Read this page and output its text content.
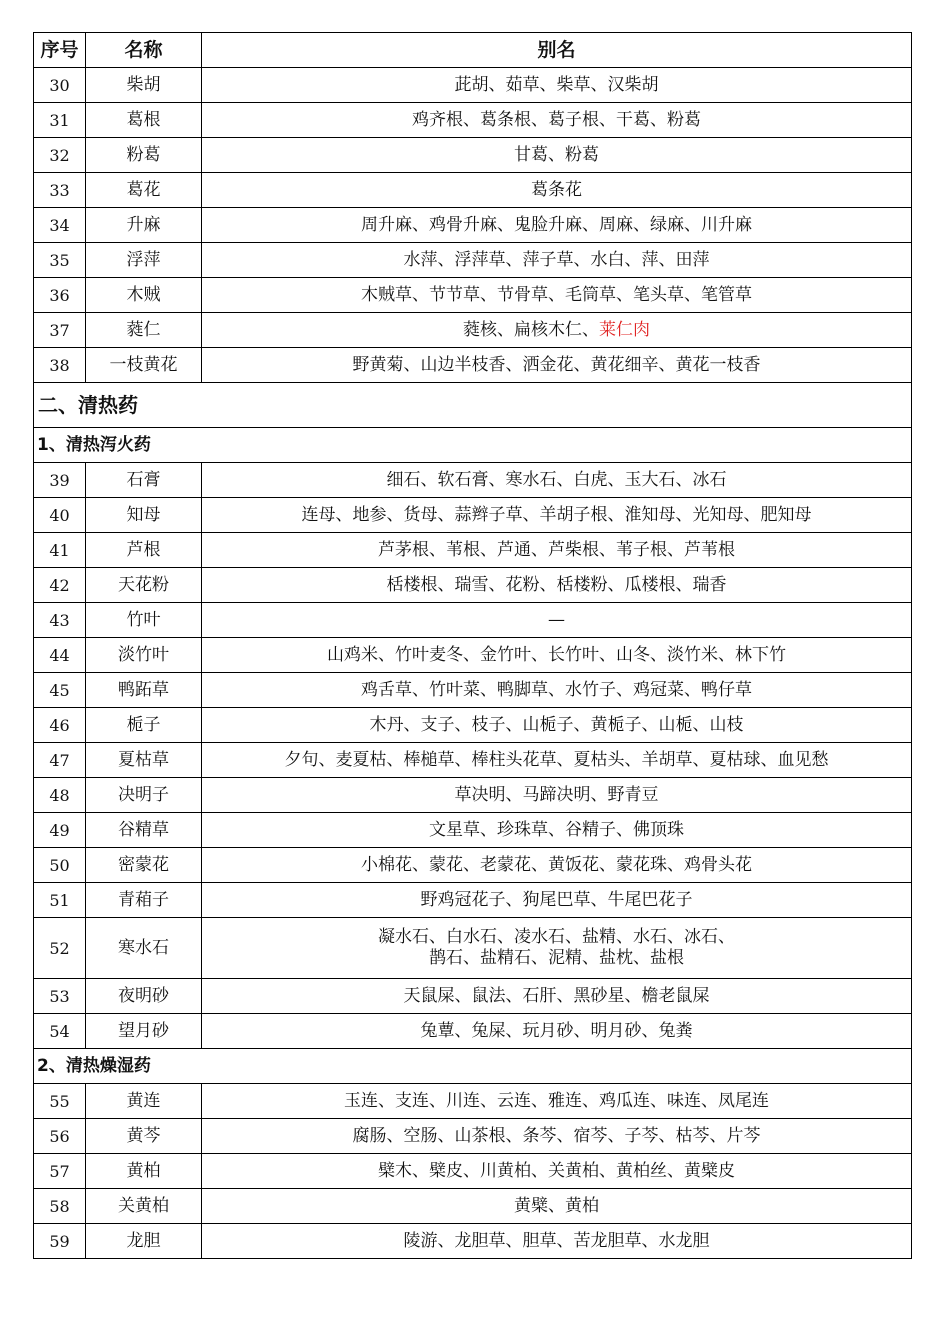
序号	名称	别名
30	柴胡	茈胡、茹草、柴草、汉柴胡
31	葛根	鸡齐根、葛条根、葛子根、干葛、粉葛
32	粉葛	甘葛、粉葛
33	葛花	葛条花
34	升麻	周升麻、鸡骨升麻、鬼脸升麻、周麻、绿麻、川升麻
35	浮萍	水萍、浮萍草、萍子草、水白、萍、田萍
36	木贼	木贼草、节节草、节骨草、毛筒草、笔头草、笔管草
37	蕤仁	蕤核、扁核木仁、莱仁肉
38	一枝黄花	野黄菊、山边半枝香、洒金花、黄花细辛、黄花一枝香
二、清热药		
1、清热泻火药		
39	石膏	细石、软石膏、寒水石、白虎、玉大石、冰石
40	知母	连母、地参、货母、蒜辫子草、羊胡子根、淮知母、光知母、肥知母
41	芦根	芦茅根、苇根、芦通、芦柴根、苇子根、芦苇根
42	天花粉	栝楼根、瑞雪、花粉、栝楼粉、瓜楼根、瑞香
43	竹叶	—
44	淡竹叶	山鸡米、竹叶麦冬、金竹叶、长竹叶、山冬、淡竹米、林下竹
45	鸭跖草	鸡舌草、竹叶菜、鸭脚草、水竹子、鸡冠菜、鸭仔草
46	栀子	木丹、支子、枝子、山栀子、黄栀子、山栀、山枝
47	夏枯草	夕句、麦夏枯、棒槌草、棒柱头花草、夏枯头、羊胡草、夏枯球、血见愁
48	决明子	草决明、马蹄决明、野青豆
49	谷精草	文星草、珍珠草、谷精子、佛顶珠
50	密蒙花	小棉花、蒙花、老蒙花、黄饭花、蒙花珠、鸡骨头花
51	青葙子	野鸡冠花子、狗尾巴草、牛尾巴花子
52	寒水石	凝水石、白水石、凌水石、盐精、水石、冰石、
鹊石、盐精石、泥精、盐枕、盐根

53	夜明砂	天鼠屎、鼠法、石肝、黑砂星、檐老鼠屎
54	望月砂	兔蕈、兔屎、玩月砂、明月砂、兔粪
2、清热燥湿药		
55	黄连	玉连、支连、川连、云连、雅连、鸡瓜连、味连、凤尾连
56	黄芩	腐肠、空肠、山茶根、条芩、宿芩、子芩、枯芩、片芩
57	黄柏	檗木、檗皮、川黄柏、关黄柏、黄柏丝、黄檗皮
58	关黄柏	黄檗、黄柏
59	龙胆	陵游、龙胆草、胆草、苦龙胆草、水龙胆
